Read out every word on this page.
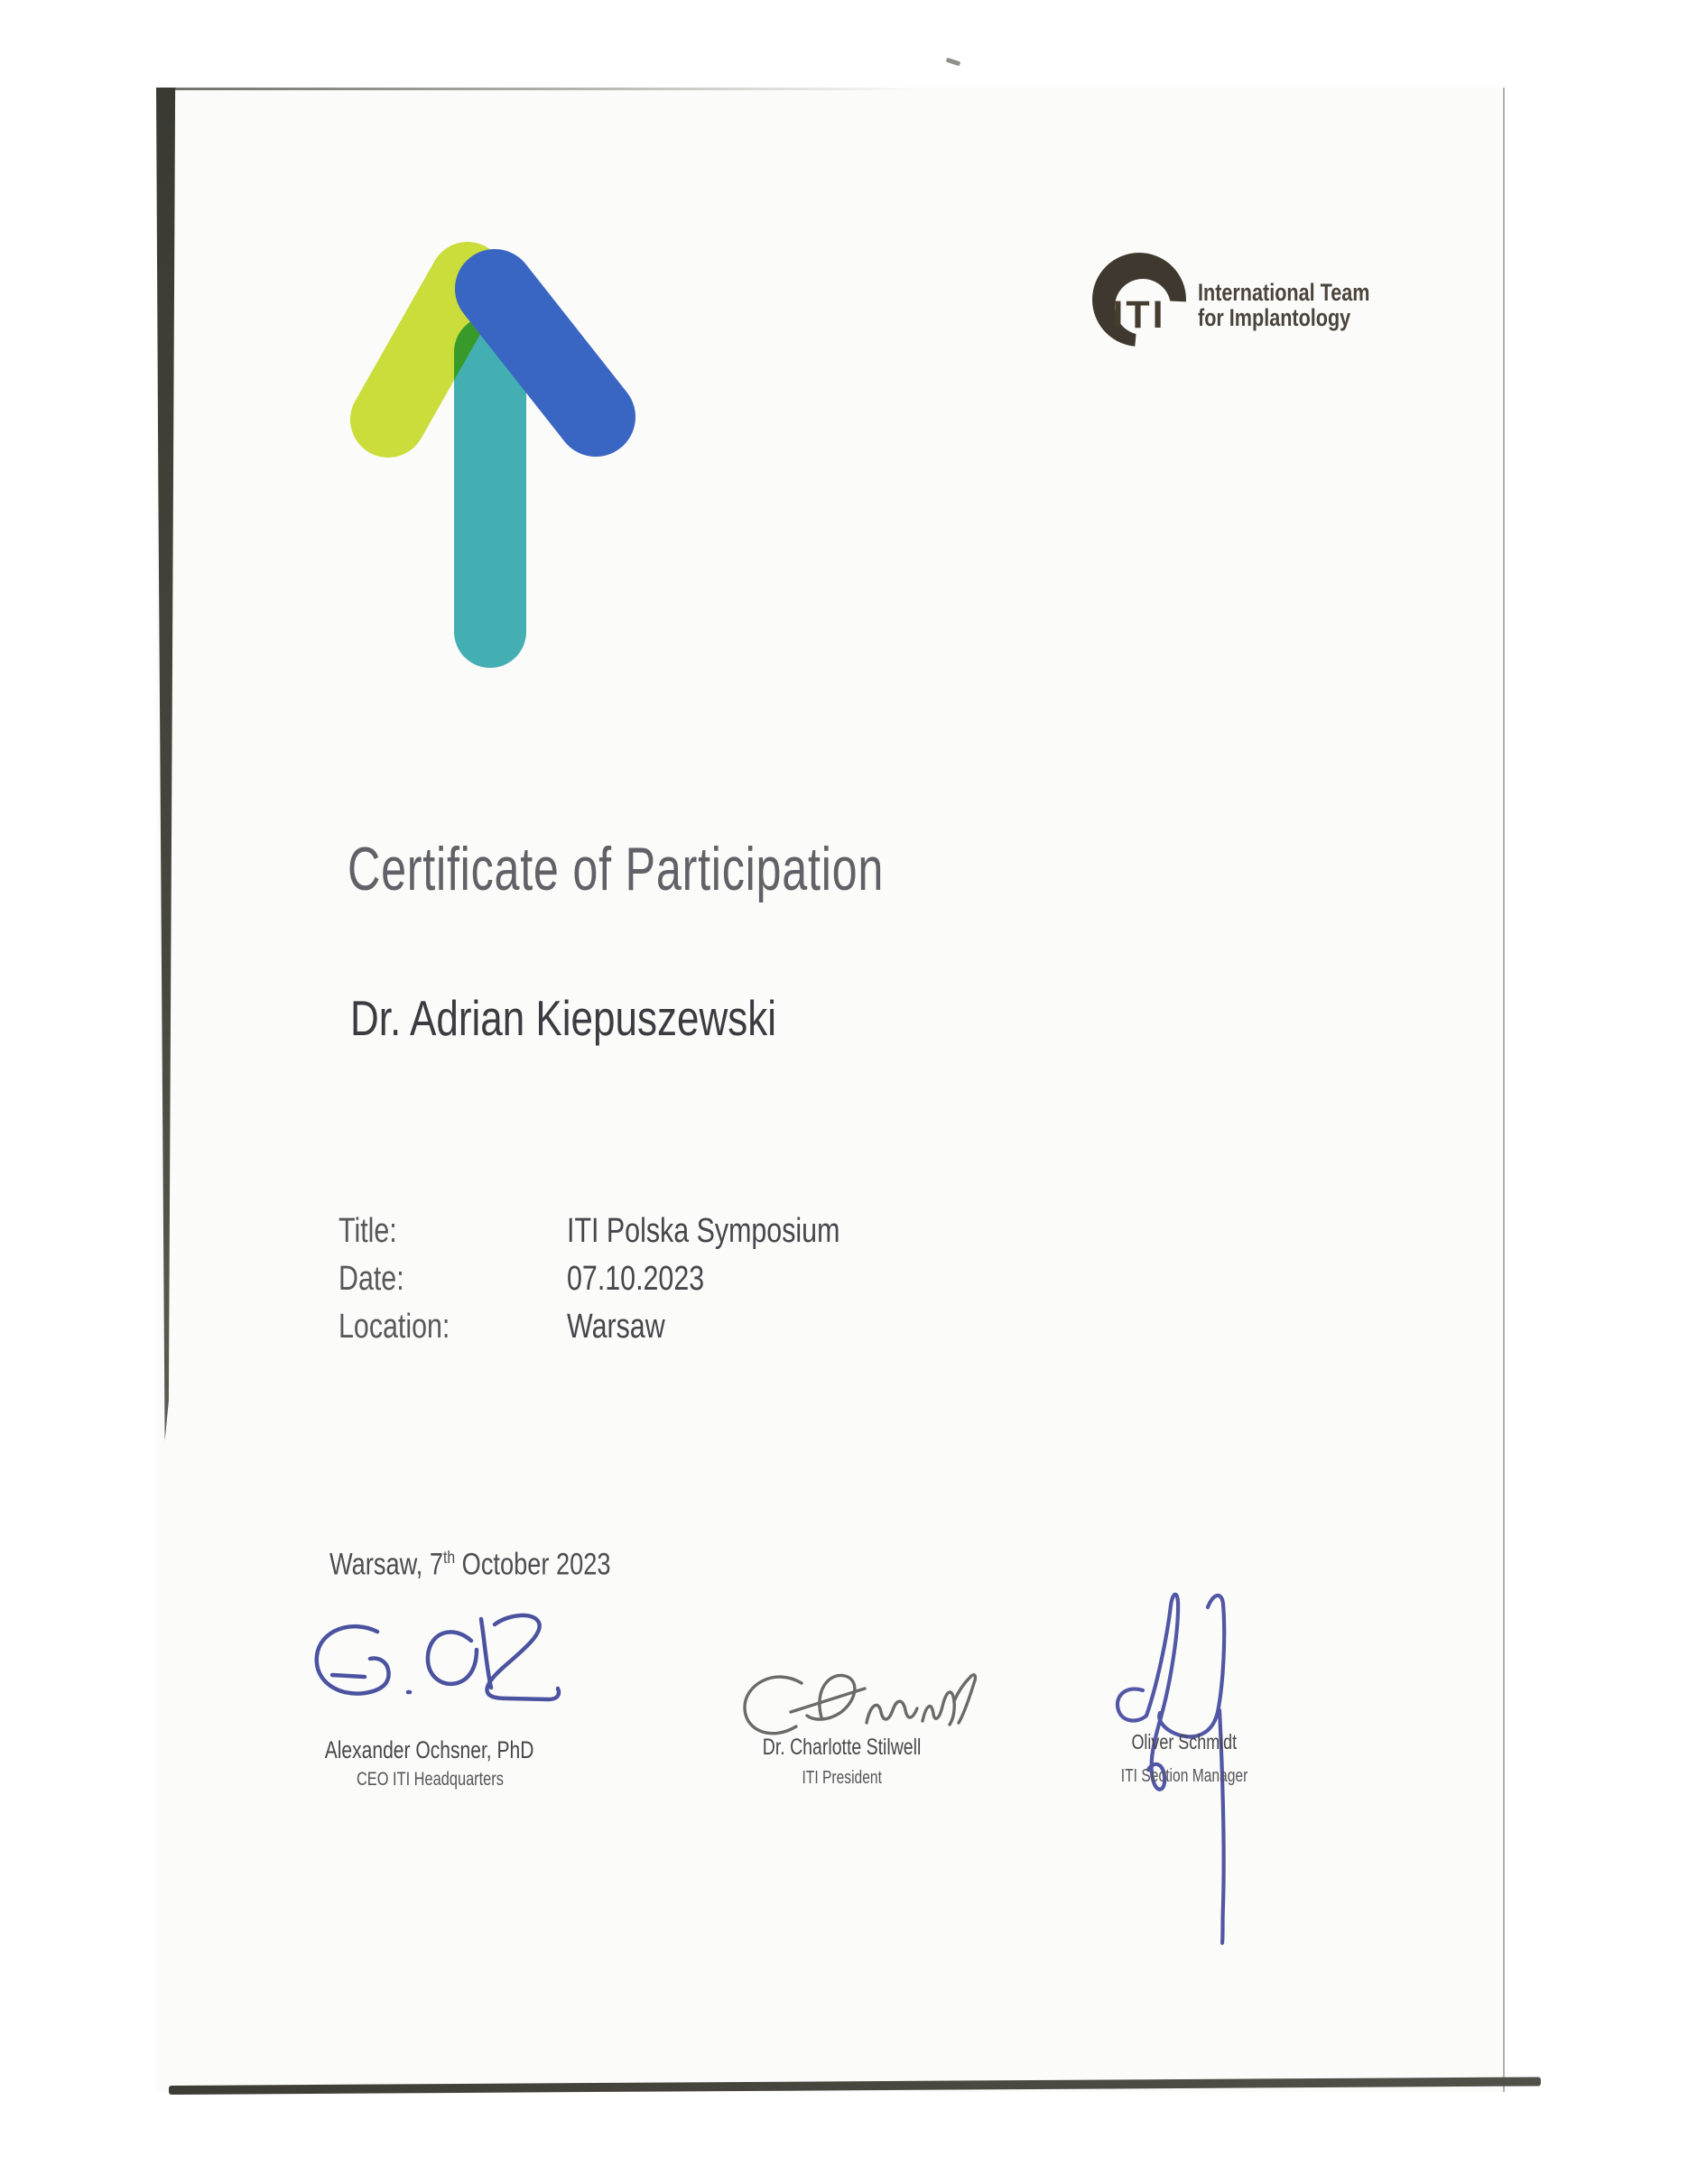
ITI
International Team
for Implantology
Certificate of Participation
Dr. Adrian Kiepuszewski
Title:	ITI Polska Symposium
Date:	07.10.2023
Location:	Warsaw
Warsaw, 7th October 2023
Alexander Ochsner, PhD
CEO ITI Headquarters
Dr. Charlotte Stilwell
ITI President
Oliver Schmidt
ITI Section Manager
